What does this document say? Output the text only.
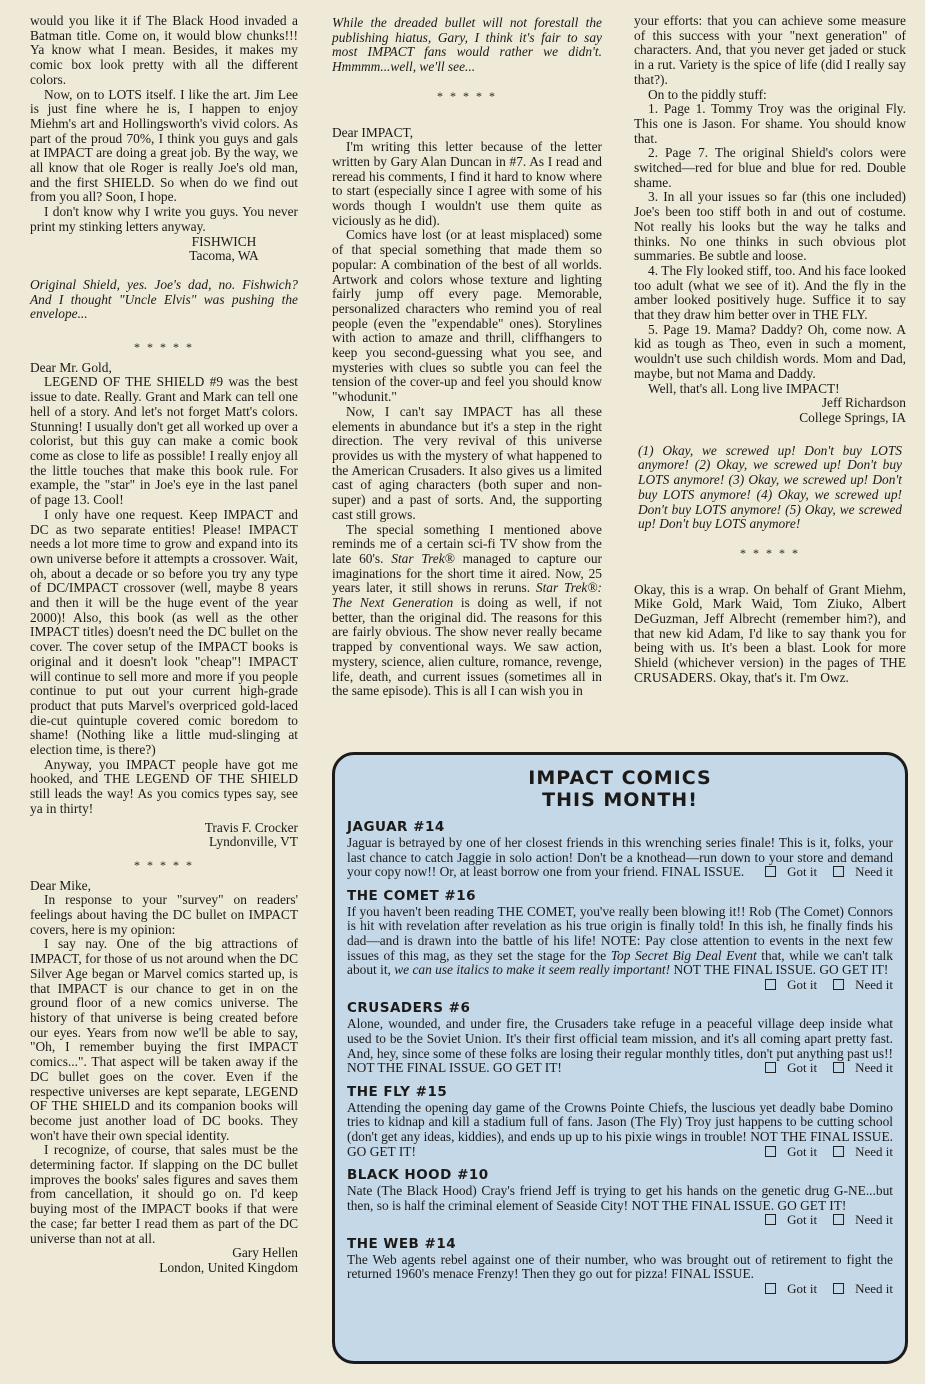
would you like it if The Black Hood invaded a Batman title. Come on, it would blow chunks!!! Ya know what I mean. Besides, it makes my comic box look pretty with all the different colors.

Now, on to LOTS itself. I like the art. Jim Lee is just fine where he is, I happen to enjoy Miehm's art and Hollingsworth's vivid colors. As part of the proud 70%, I think you guys and gals at IMPACT are doing a great job. By the way, we all know that ole Roger is really Joe's old man, and the first SHIELD. So when do we find out from you all? Soon, I hope.

I don't know why I write you guys. You never print my stinking letters anyway.

FISHWICH

Tacoma, WA

Original Shield, yes. Joe's dad, no. Fishwich? And I thought "Uncle Elvis" was pushing the envelope...

* * * * *

Dear Mr. Gold,

LEGEND OF THE SHIELD #9 was the best issue to date. Really. Grant and Mark can tell one hell of a story. And let's not forget Matt's colors. Stunning! I usually don't get all worked up over a colorist, but this guy can make a comic book come as close to life as possible! I really enjoy all the little touches that make this book rule. For example, the "star" in Joe's eye in the last panel of page 13. Cool!

I only have one request. Keep IMPACT and DC as two separate entities! Please! IMPACT needs a lot more time to grow and expand into its own universe before it attempts a crossover. Wait, oh, about a decade or so before you try any type of DC/IMPACT crossover (well, maybe 8 years and then it will be the huge event of the year 2000)! Also, this book (as well as the other IMPACT titles) doesn't need the DC bullet on the cover. The cover setup of the IMPACT books is original and it doesn't look "cheap"! IMPACT will continue to sell more and more if you people continue to put out your current high-grade product that puts Marvel's overpriced gold-laced die-cut quintuple covered comic boredom to shame! (Nothing like a little mud-slinging at election time, is there?)

Anyway, you IMPACT people have got me hooked, and THE LEGEND OF THE SHIELD still leads the way! As you comics types say, see ya in thirty!

Travis F. Crocker

Lyndonville, VT

* * * * *

Dear Mike,

In response to your "survey" on readers' feelings about having the DC bullet on IMPACT covers, here is my opinion:

I say nay. One of the big attractions of IMPACT, for those of us not around when the DC Silver Age began or Marvel comics started up, is that IMPACT is our chance to get in on the ground floor of a new comics universe. The history of that universe is being created before our eyes. Years from now we'll be able to say, "Oh, I remember buying the first IMPACT comics...". That aspect will be taken away if the DC bullet goes on the cover. Even if the respective universes are kept separate, LEGEND OF THE SHIELD and its companion books will become just another load of DC books. They won't have their own special identity.

I recognize, of course, that sales must be the determining factor. If slapping on the DC bullet improves the books' sales figures and saves them from cancellation, it should go on. I'd keep buying most of the IMPACT books if that were the case; far better I read them as part of the DC universe than not at all.

Gary Hellen

London, United Kingdom

While the dreaded bullet will not forestall the publishing hiatus, Gary, I think it's fair to say most IMPACT fans would rather we didn't. Hmmmm...well, we'll see...

* * * * *

Dear IMPACT,

I'm writing this letter because of the letter written by Gary Alan Duncan in #7. As I read and reread his comments, I find it hard to know where to start (especially since I agree with some of his words though I wouldn't use them quite as viciously as he did).

Comics have lost (or at least misplaced) some of that special something that made them so popular: A combination of the best of all worlds. Artwork and colors whose texture and lighting fairly jump off every page. Memorable, personalized characters who remind you of real people (even the "expendable" ones). Storylines with action to amaze and thrill, cliffhangers to keep you second-guessing what you see, and mysteries with clues so subtle you can feel the tension of the cover-up and feel you should know "whodunit."

Now, I can't say IMPACT has all these elements in abundance but it's a step in the right direction. The very revival of this universe provides us with the mystery of what happened to the American Crusaders. It also gives us a limited cast of aging characters (both super and non-super) and a past of sorts. And, the supporting cast still grows.

The special something I mentioned above reminds me of a certain sci-fi TV show from the late 60's. Star Trek® managed to capture our imaginations for the short time it aired. Now, 25 years later, it still shows in reruns. Star Trek®: The Next Generation is doing as well, if not better, than the original did. The reasons for this are fairly obvious. The show never really became trapped by conventional ways. We saw action, mystery, science, alien culture, romance, revenge, life, death, and current issues (sometimes all in the same episode). This is all I can wish you in

your efforts: that you can achieve some measure of this success with your "next generation" of characters. And, that you never get jaded or stuck in a rut. Variety is the spice of life (did I really say that?).

On to the piddly stuff:

1. Page 1. Tommy Troy was the original Fly. This one is Jason. For shame. You should know that.

2. Page 7. The original Shield's colors were switched—red for blue and blue for red. Double shame.

3. In all your issues so far (this one included) Joe's been too stiff both in and out of costume. Not really his looks but the way he talks and thinks. No one thinks in such obvious plot summaries. Be subtle and loose.

4. The Fly looked stiff, too. And his face looked too adult (what we see of it). And the fly in the amber looked positively huge. Suffice it to say that they draw him better over in THE FLY.

5. Page 19. Mama? Daddy? Oh, come now. A kid as tough as Theo, even in such a moment, wouldn't use such childish words. Mom and Dad, maybe, but not Mama and Daddy.

Well, that's all. Long live IMPACT!

Jeff Richardson

College Springs, IA

(1) Okay, we screwed up! Don't buy LOTS anymore! (2) Okay, we screwed up! Don't buy LOTS anymore! (3) Okay, we screwed up! Don't buy LOTS anymore! (4) Okay, we screwed up! Don't buy LOTS anymore! (5) Okay, we screwed up! Don't buy LOTS anymore!

* * * * *

Okay, this is a wrap. On behalf of Grant Miehm, Mike Gold, Mark Waid, Tom Ziuko, Albert DeGuzman, Jeff Albrecht (remember him?), and that new kid Adam, I'd like to say thank you for being with us. It's been a blast. Look for more Shield (whichever version) in the pages of THE CRUSADERS. Okay, that's it. I'm Owz.

IMPACT COMICS
THIS MONTH!
JAGUAR #14

Jaguar is betrayed by one of her closest friends in this wrenching series finale! This is it, folks, your last chance to catch Jaggie in solo action! Don't be a knothead—run down to your store and demand your copy now!! Or, at least borrow one from your friend. FINAL ISSUE.	Got it	Need it

THE COMET #16

If you haven't been reading THE COMET, you've really been blowing it!! Rob (The Comet) Connors is hit with revelation after revelation as his true origin is finally told! In this ish, he finally finds his dad—and is drawn into the battle of his life! NOTE: Pay close attention to events in the next few issues of this mag, as they set the stage for the Top Secret Big Deal Event that, while we can't talk about it, we can use italics to make it seem really important! NOT THE FINAL ISSUE. GO GET IT!
Got it	Need it

CRUSADERS #6

Alone, wounded, and under fire, the Crusaders take refuge in a peaceful village deep inside what used to be the Soviet Union. It's their first official team mission, and it's all coming apart pretty fast. And, hey, since some of these folks are losing their regular monthly titles, don't put anything past us!! NOT THE FINAL ISSUE. GO GET IT!	Got it	Need it

THE FLY #15

Attending the opening day game of the Crowns Pointe Chiefs, the luscious yet deadly babe Domino tries to kidnap and kill a stadium full of fans. Jason (The Fly) Troy just happens to be cutting school (don't get any ideas, kiddies), and ends up up to his pixie wings in trouble! NOT THE FINAL ISSUE. GO GET IT!	Got it	Need it

BLACK HOOD #10

Nate (The Black Hood) Cray's friend Jeff is trying to get his hands on the genetic drug G-NE...but then, so is half the criminal element of Seaside City! NOT THE FINAL ISSUE. GO GET IT!
Got it	Need it

THE WEB #14

The Web agents rebel against one of their number, who was brought out of retirement to fight the returned 1960's menace Frenzy! Then they go out for pizza! FINAL ISSUE.
Got it	Need it
